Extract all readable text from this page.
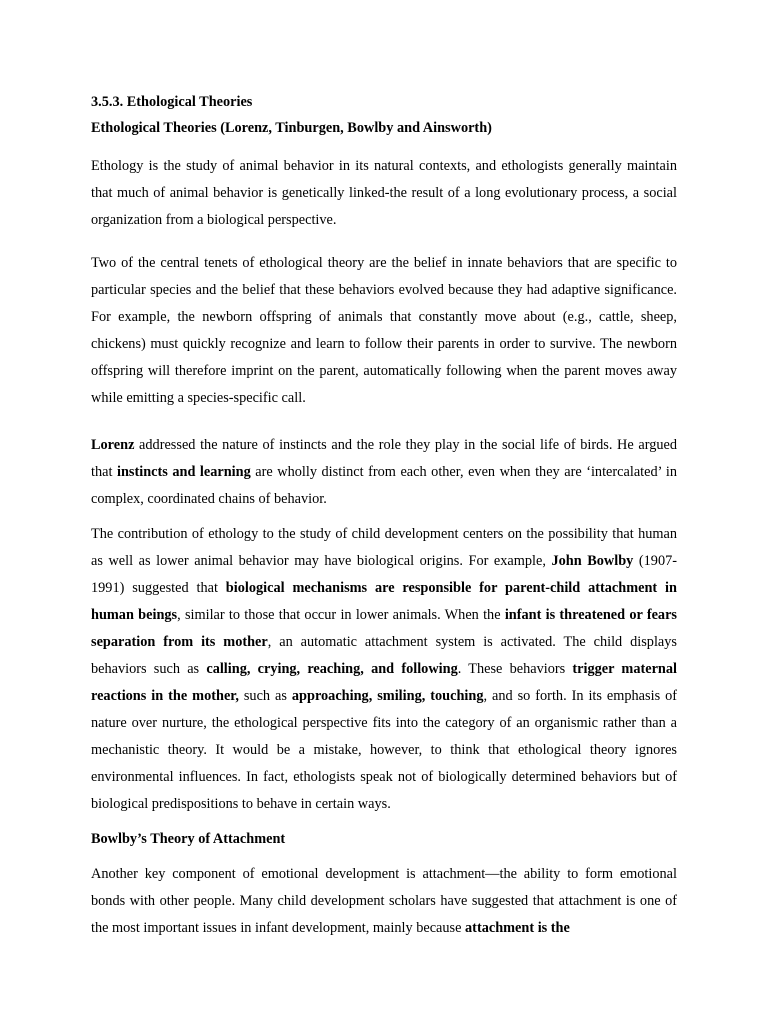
3.5.3. Ethological Theories

Ethological Theories (Lorenz, Tinburgen, Bowlby and Ainsworth)

Ethology is the study of animal behavior in its natural contexts, and ethologists generally maintain that much of animal behavior is genetically linked-the result of a long evolutionary process, a social organization from a biological perspective.

Two of the central tenets of ethological theory are the belief in innate behaviors that are specific to particular species and the belief that these behaviors evolved because they had adaptive significance. For example, the newborn offspring of animals that constantly move about (e.g., cattle, sheep, chickens) must quickly recognize and learn to follow their parents in order to survive. The newborn offspring will therefore imprint on the parent, automatically following when the parent moves away while emitting a species-specific call.

Lorenz addressed the nature of instincts and the role they play in the social life of birds. He argued that instincts and learning are wholly distinct from each other, even when they are ‘intercalated’ in complex, coordinated chains of behavior.

The contribution of ethology to the study of child development centers on the possibility that human as well as lower animal behavior may have biological origins. For example, John Bowlby (1907-1991) suggested that biological mechanisms are responsible for parent-child attachment in human beings, similar to those that occur in lower animals. When the infant is threatened or fears separation from its mother, an automatic attachment system is activated. The child displays behaviors such as calling, crying, reaching, and following. These behaviors trigger maternal reactions in the mother, such as approaching, smiling, touching, and so forth. In its emphasis of nature over nurture, the ethological perspective fits into the category of an organismic rather than a mechanistic theory. It would be a mistake, however, to think that ethological theory ignores environmental influences. In fact, ethologists speak not of biologically determined behaviors but of biological predispositions to behave in certain ways.

Bowlby’s Theory of Attachment

Another key component of emotional development is attachment—the ability to form emotional bonds with other people. Many child development scholars have suggested that attachment is one of the most important issues in infant development, mainly because attachment is the
